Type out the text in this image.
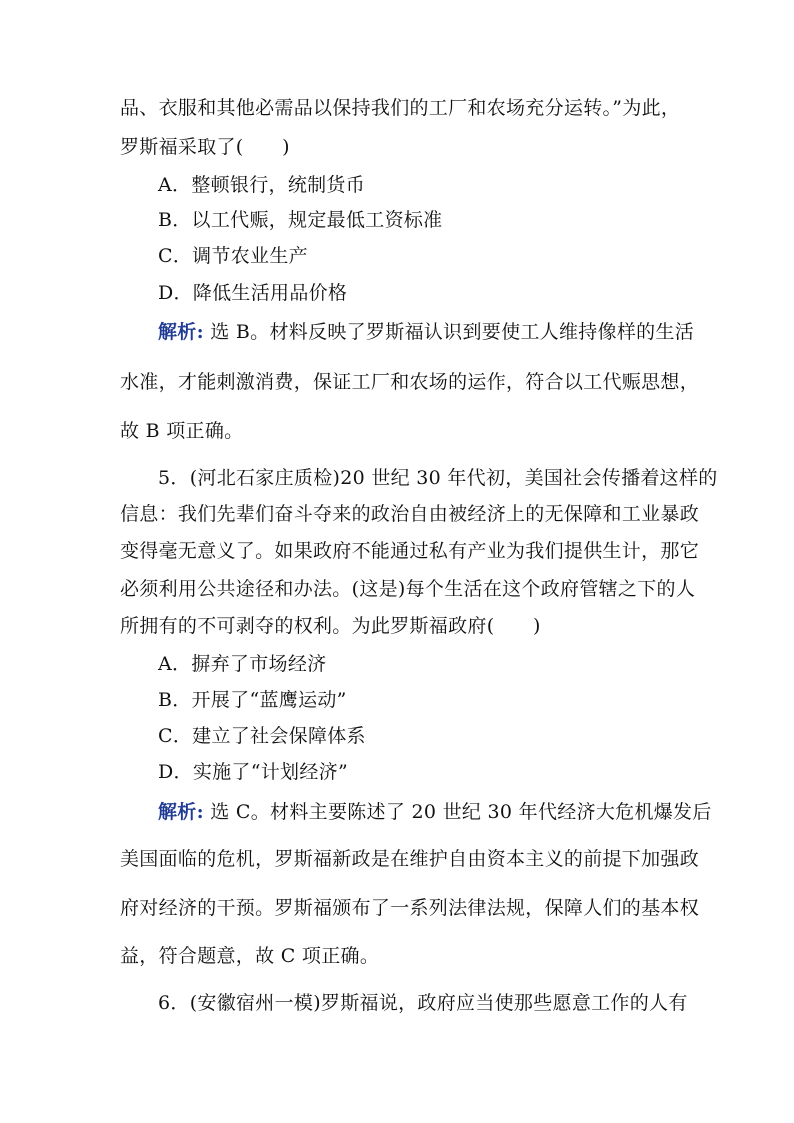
品、衣服和其他必需品以保持我们的工厂和农场充分运转。”为此，
罗斯福采取了(　　)
A．整顿银行，统制货币
B．以工代赈，规定最低工资标准
C．调节农业生产
D．降低生活用品价格
解析: 选 B。材料反映了罗斯福认识到要使工人维持像样的生活
水准，才能刺激消费，保证工厂和农场的运作，符合以工代赈思想，
故 B 项正确。
5．(河北石家庄质检)20 世纪 30 年代初，美国社会传播着这样的
信息：我们先辈们奋斗夺来的政治自由被经济上的无保障和工业暴政
变得毫无意义了。如果政府不能通过私有产业为我们提供生计，那它
必须利用公共途径和办法。(这是)每个生活在这个政府管辖之下的人
所拥有的不可剥夺的权利。为此罗斯福政府(　　)
A．摒弃了市场经济
B．开展了“蓝鹰运动”
C．建立了社会保障体系
D．实施了“计划经济”
解析: 选 C。材料主要陈述了 20 世纪 30 年代经济大危机爆发后
美国面临的危机，罗斯福新政是在维护自由资本主义的前提下加强政
府对经济的干预。罗斯福颁布了一系列法律法规，保障人们的基本权
益，符合题意，故 C 项正确。
6．(安徽宿州一模)罗斯福说，政府应当使那些愿意工作的人有
